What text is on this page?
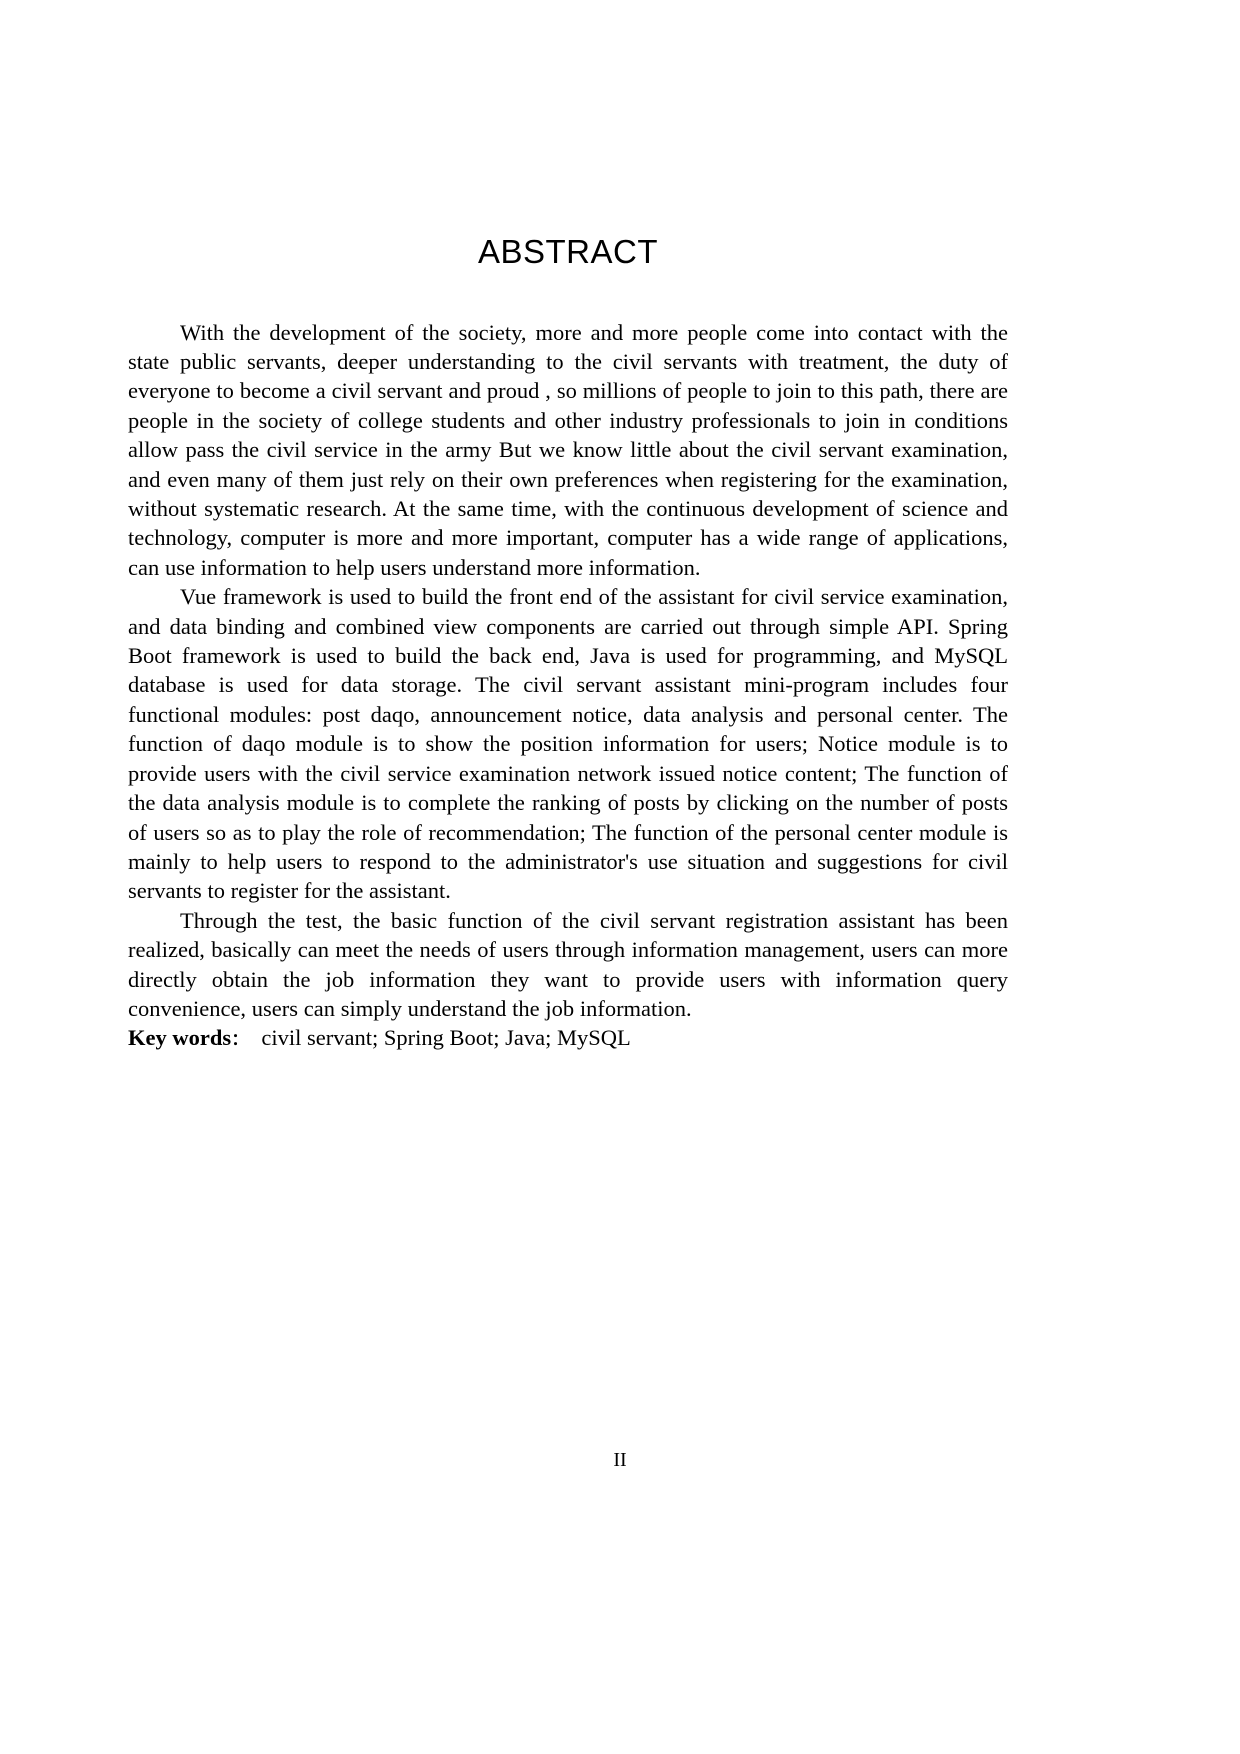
ABSTRACT

With the development of the society, more and more people come into contact with the state public servants, deeper understanding to the civil servants with treatment, the duty of everyone to become a civil servant and proud , so millions of people to join to this path, there are people in the society of college students and other industry professionals to join in conditions allow pass the civil service in the army But we know little about the civil servant examination, and even many of them just rely on their own preferences when registering for the examination, without systematic research. At the same time, with the continuous development of science and technology, computer is more and more important, computer has a wide range of applications, can use information to help users understand more information.

Vue framework is used to build the front end of the assistant for civil service examination, and data binding and combined view components are carried out through simple API. Spring Boot framework is used to build the back end, Java is used for programming, and MySQL database is used for data storage. The civil servant assistant mini-program includes four functional modules: post daqo, announcement notice, data analysis and personal center. The function of daqo module is to show the position information for users; Notice module is to provide users with the civil service examination network issued notice content; The function of the data analysis module is to complete the ranking of posts by clicking on the number of posts of users so as to play the role of recommendation; The function of the personal center module is mainly to help users to respond to the administrator's use situation and suggestions for civil servants to register for the assistant.

Through the test, the basic function of the civil servant registration assistant has been realized, basically can meet the needs of users through information management, users can more directly obtain the job information they want to provide users with information query convenience, users can simply understand the job information.

Key words： civil servant; Spring Boot; Java; MySQL

II
